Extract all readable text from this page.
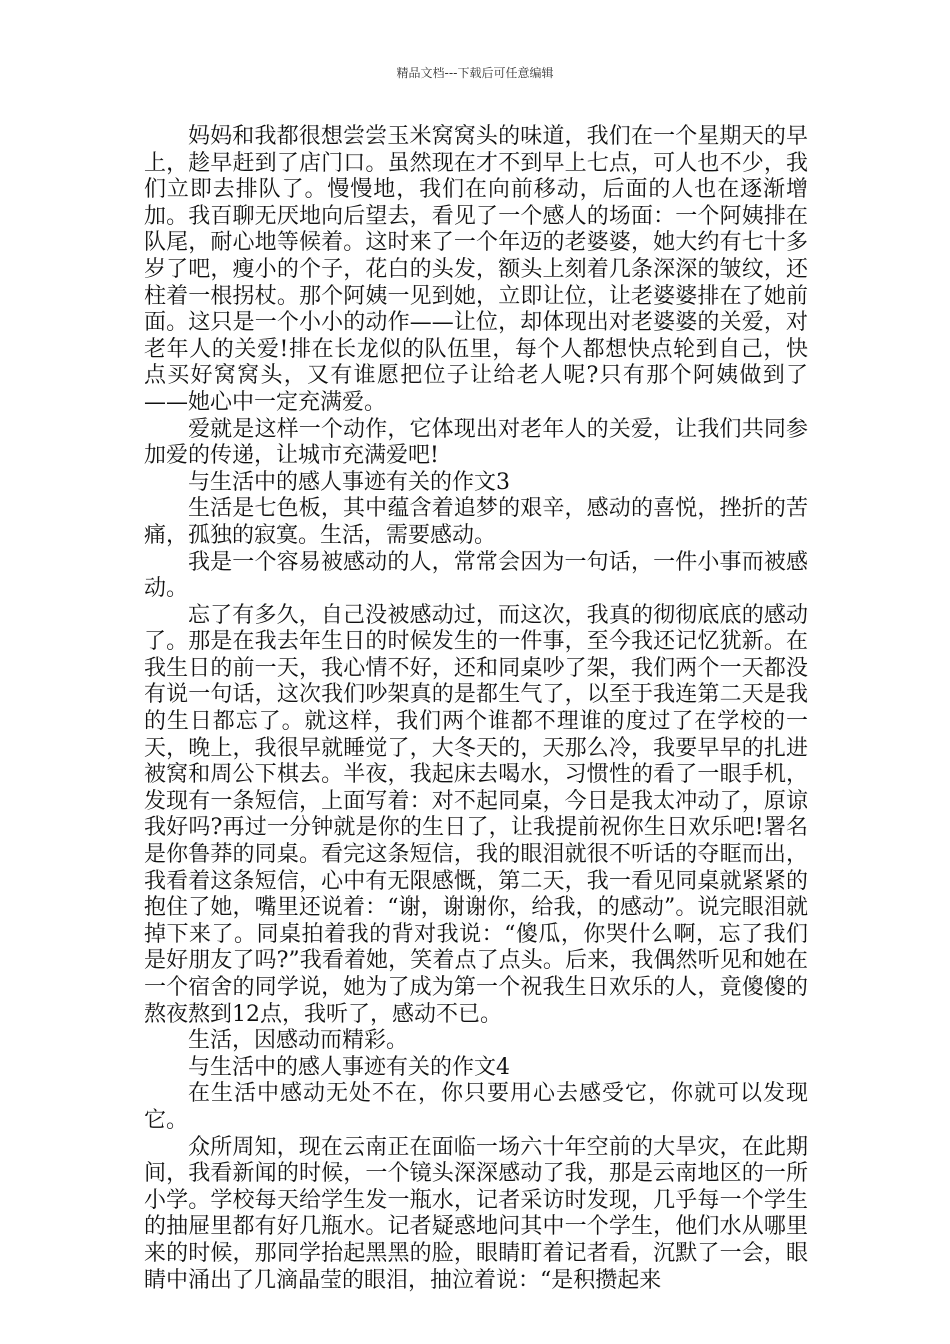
精品文档---下载后可任意编辑

妈妈和我都很想尝尝玉米窝窝头的味道，我们在一个星期天的早上，趁早赶到了店门口。虽然现在才不到早上七点，可人也不少，我们立即去排队了。慢慢地，我们在向前移动，后面的人也在逐渐增加。我百聊无厌地向后望去，看见了一个感人的场面：一个阿姨排在队尾，耐心地等候着。这时来了一个年迈的老婆婆，她大约有七十多岁了吧，瘦小的个子，花白的头发，额头上刻着几条深深的皱纹，还柱着一根拐杖。那个阿姨一见到她，立即让位，让老婆婆排在了她前面。这只是一个小小的动作——让位，却体现出对老婆婆的关爱，对老年人的关爱!排在长龙似的队伍里，每个人都想快点轮到自己，快点买好窝窝头，又有谁愿把位子让给老人呢?只有那个阿姨做到了——她心中一定充满爱。

爱就是这样一个动作，它体现出对老年人的关爱，让我们共同参加爱的传递，让城市充满爱吧!

与生活中的感人事迹有关的作文3

生活是七色板，其中蕴含着追梦的艰辛，感动的喜悦，挫折的苦痛，孤独的寂寞。生活，需要感动。

我是一个容易被感动的人，常常会因为一句话，一件小事而被感动。

忘了有多久，自己没被感动过，而这次，我真的彻彻底底的感动了。那是在我去年生日的时候发生的一件事，至今我还记忆犹新。在我生日的前一天，我心情不好，还和同桌吵了架，我们两个一天都没有说一句话，这次我们吵架真的是都生气了，以至于我连第二天是我的生日都忘了。就这样，我们两个谁都不理谁的度过了在学校的一天，晚上，我很早就睡觉了，大冬天的，天那么冷，我要早早的扎进被窝和周公下棋去。半夜，我起床去喝水，习惯性的看了一眼手机，发现有一条短信，上面写着：对不起同桌，今日是我太冲动了，原谅我好吗?再过一分钟就是你的生日了，让我提前祝你生日欢乐吧!署名是你鲁莽的同桌。看完这条短信，我的眼泪就很不听话的夺眶而出，我看着这条短信，心中有无限感慨，第二天，我一看见同桌就紧紧的抱住了她，嘴里还说着：“谢，谢谢你，给我，的感动”。说完眼泪就掉下来了。同桌拍着我的背对我说：“傻瓜，你哭什么啊，忘了我们是好朋友了吗?”我看着她，笑着点了点头。后来，我偶然听见和她在一个宿舍的同学说，她为了成为第一个祝我生日欢乐的人，竟傻傻的熬夜熬到12点，我听了，感动不已。

生活，因感动而精彩。

与生活中的感人事迹有关的作文4

在生活中感动无处不在，你只要用心去感受它，你就可以发现它。

众所周知，现在云南正在面临一场六十年空前的大旱灾，在此期间，我看新闻的时候，一个镜头深深感动了我，那是云南地区的一所小学。学校每天给学生发一瓶水，记者采访时发现，几乎每一个学生的抽屉里都有好几瓶水。记者疑惑地问其中一个学生，他们水从哪里来的时候，那同学抬起黑黑的脸，眼睛盯着记者看，沉默了一会，眼睛中涌出了几滴晶莹的眼泪，抽泣着说：“是积攒起来
